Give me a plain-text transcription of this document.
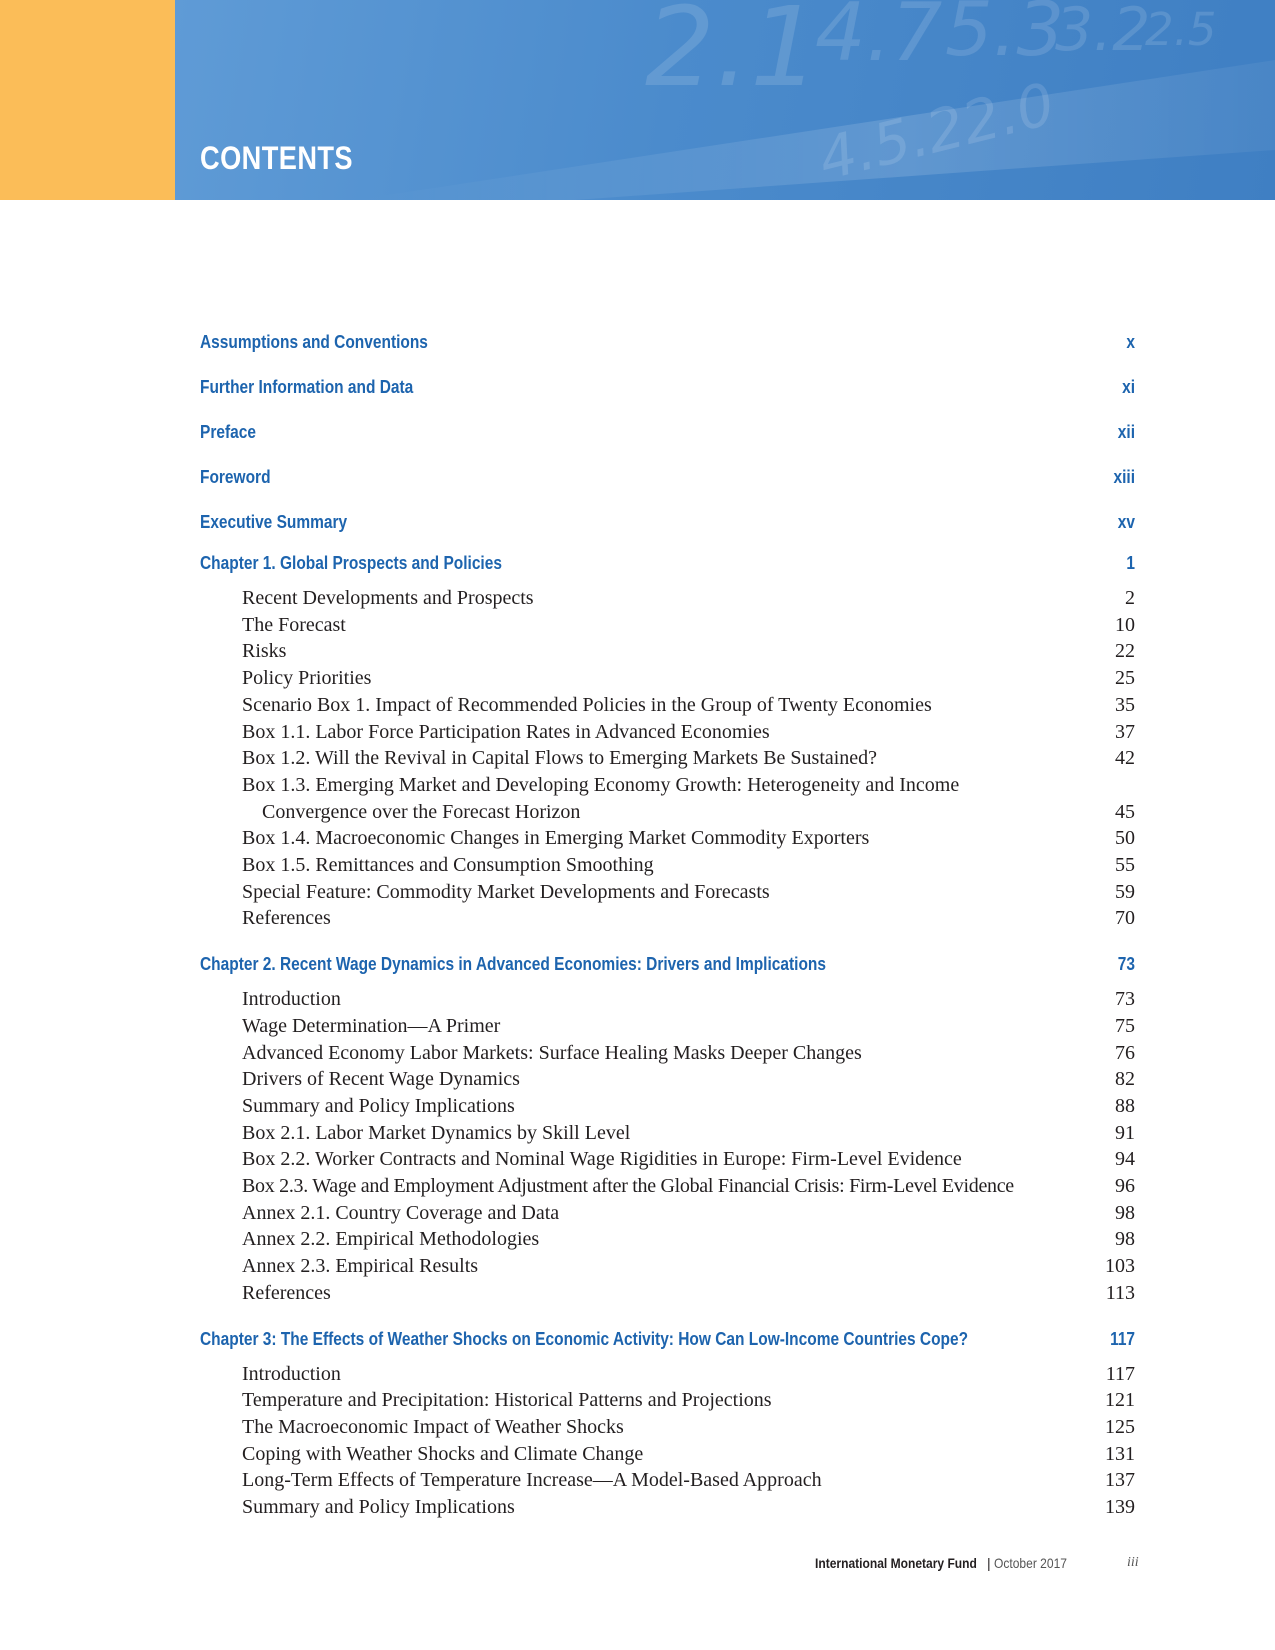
2.1
4.7 5.3
3.2
2.5
CONTENTS
Assumptions and Conventions	x
Further Information and Data	xi
Preface	xii
Foreword	xiii
Executive Summary	xv
Chapter 1. Global Prospects and Policies	1
Recent Developments and Prospects	2
The Forecast	10
Risks	22
Policy Priorities	25
Scenario Box 1. Impact of Recommended Policies in the Group of Twenty Economies	35
Box 1.1. Labor Force Participation Rates in Advanced Economies	37
Box 1.2. Will the Revival in Capital Flows to Emerging Markets Be Sustained?	42
Box 1.3. Emerging Market and Developing Economy Growth: Heterogeneity and Income
Convergence over the Forecast Horizon	45
Box 1.4. Macroeconomic Changes in Emerging Market Commodity Exporters	50
Box 1.5. Remittances and Consumption Smoothing	55
Special Feature: Commodity Market Developments and Forecasts	59
References	70
Chapter 2. Recent Wage Dynamics in Advanced Economies: Drivers and Implications	73
Introduction	73
Wage Determination—A Primer	75
Advanced Economy Labor Markets: Surface Healing Masks Deeper Changes	76
Drivers of Recent Wage Dynamics	82
Summary and Policy Implications	88
Box 2.1. Labor Market Dynamics by Skill Level	91
Box 2.2. Worker Contracts and Nominal Wage Rigidities in Europe: Firm-Level Evidence	94
Box 2.3. Wage and Employment Adjustment after the Global Financial Crisis: Firm-Level Evidence	96
Annex 2.1. Country Coverage and Data	98
Annex 2.2. Empirical Methodologies	98
Annex 2.3. Empirical Results	103
References	113
Chapter 3: The Effects of Weather Shocks on Economic Activity: How Can Low-Income Countries Cope?	117
Introduction	117
Temperature and Precipitation: Historical Patterns and Projections	121
The Macroeconomic Impact of Weather Shocks	125
Coping with Weather Shocks and Climate Change	131
Long-Term Effects of Temperature Increase—A Model-Based Approach	137
Summary and Policy Implications	139
International Monetary Fund | October 2017	iii
